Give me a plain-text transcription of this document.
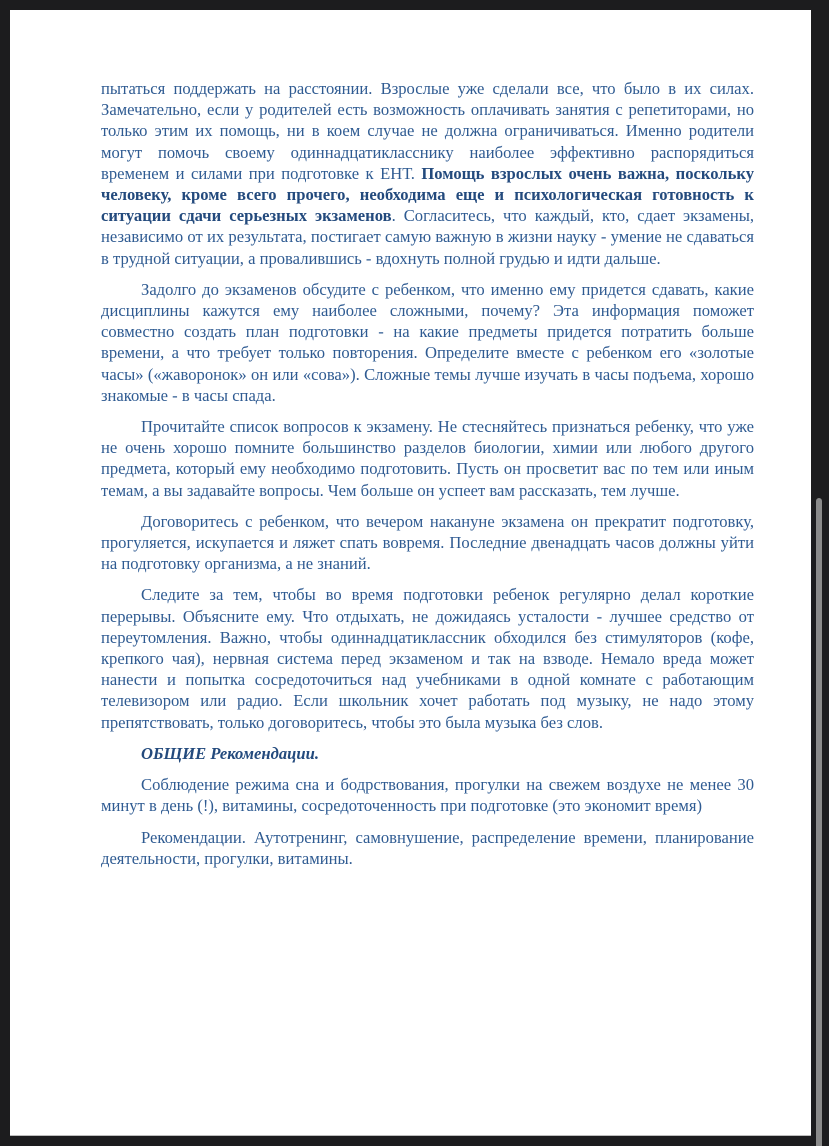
пытаться поддержать на расстоянии. Взрослые уже сделали все, что было в их силах. Замечательно, если у родителей есть возможность оплачивать занятия с репетиторами, но только этим их помощь, ни в коем случае не должна ограничиваться. Именно родители могут помочь своему одиннадцатикласснику наиболее эффективно распорядиться временем и силами при подготовке к ЕНТ. Помощь взрослых очень важна, поскольку человеку, кроме всего прочего, необходима еще и психологическая готовность к ситуации сдачи серьезных экзаменов. Согласитесь, что каждый, кто, сдает экзамены, независимо от их результата, постигает самую важную в жизни науку - умение не сдаваться в трудной ситуации, а провалившись - вдохнуть полной грудью и идти дальше.

Задолго до экзаменов обсудите с ребенком, что именно ему придется сдавать, какие дисциплины кажутся ему наиболее сложными, почему? Эта информация поможет совместно создать план подготовки - на какие предметы придется потратить больше времени, а что требует только повторения. Определите вместе с ребенком его «золотые часы» («жаворонок» он или «сова»). Сложные темы лучше изучать в часы подъема, хорошо знакомые - в часы спада.

Прочитайте список вопросов к экзамену. Не стесняйтесь признаться ребенку, что уже не очень хорошо помните большинство разделов биологии, химии или любого другого предмета, который ему необходимо подготовить. Пусть он просветит вас по тем или иным темам, а вы задавайте вопросы. Чем больше он успеет вам рассказать, тем лучше.

Договоритесь с ребенком, что вечером накануне экзамена он прекратит подготовку, прогуляется, искупается и ляжет спать вовремя. Последние двенадцать часов должны уйти на подготовку организма, а не знаний.

Следите за тем, чтобы во время подготовки ребенок регулярно делал короткие перерывы. Объясните ему. Что отдыхать, не дожидаясь усталости - лучшее средство от переутомления. Важно, чтобы одиннадцатиклассник обходился без стимуляторов (кофе, крепкого чая), нервная система перед экзаменом и так на взводе. Немало вреда может нанести и попытка сосредоточиться над учебниками в одной комнате с работающим телевизором или радио. Если школьник хочет работать под музыку, не надо этому препятствовать, только договоритесь, чтобы это была музыка без слов.

ОБЩИЕ Рекомендации.

Соблюдение режима сна и бодрствования, прогулки на свежем воздухе не менее 30 минут в день (!), витамины, сосредоточенность при подготовке (это экономит время)

Рекомендации. Аутотренинг, самовнушение, распределение времени, планирование деятельности, прогулки, витамины.
